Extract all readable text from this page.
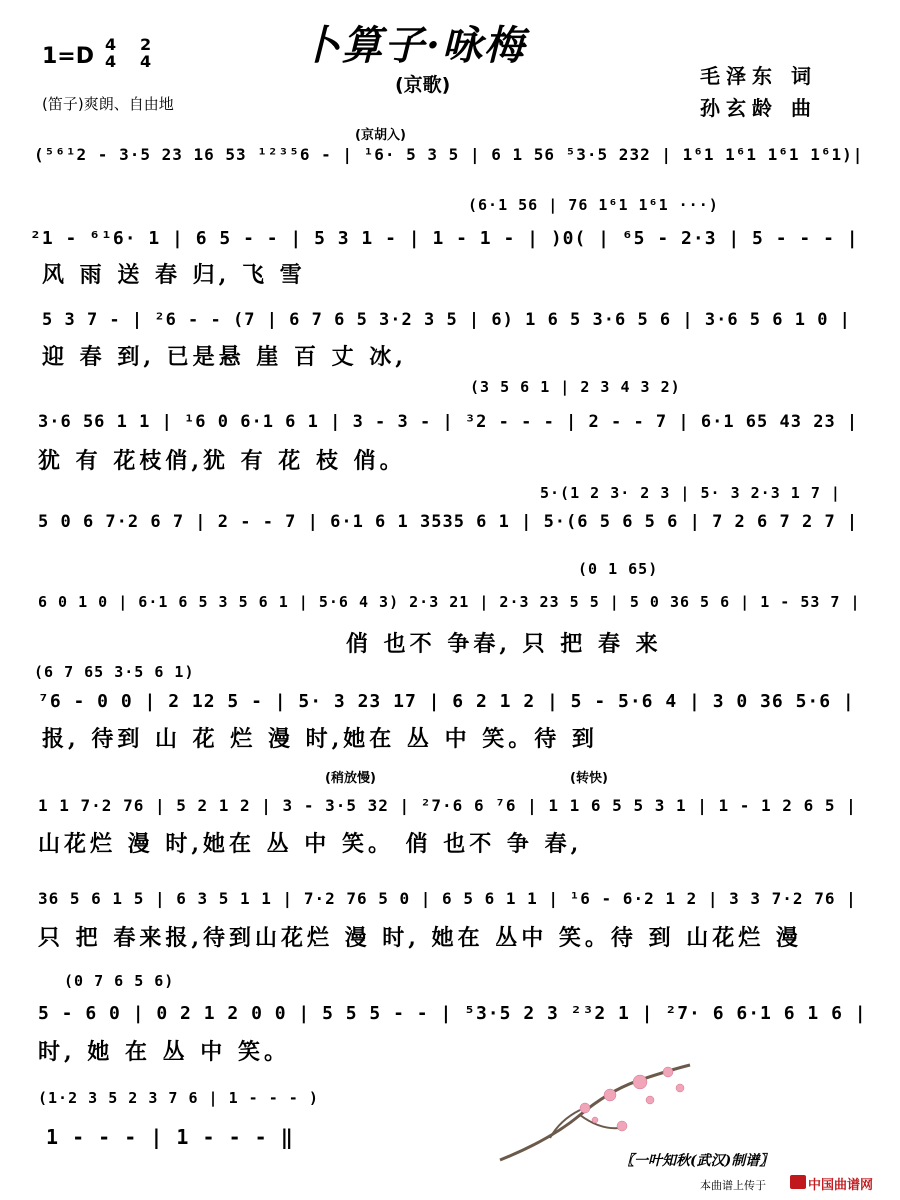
卜算子·咏梅
(京歌)
1=D 4
4
2
4
(笛子)爽朗、自由地
毛泽东 词
孙玄龄 曲
(京胡入)
(⁵⁶¹2 - 3·5 23 16 53 ¹²³⁵6 - | ¹6· 5 3 5 | 6 1 56 ⁵3·5 232 | 1⁶1 1⁶1 1⁶1 1⁶1)|
(6·1 56 | 76 1⁶1 1⁶1 ···)
²1 - ⁶¹6· 1 | 6 5 - - | 5 3 1 - | 1 - 1 - | )0( | ⁶5 - 2·3 | 5 - - - |
风 雨 送 春 归, 飞 雪
5 3 7 - | ²6 - - (7 | 6 7 6 5 3·2 3 5 | 6) 1 6 5 3·6 5 6 | 3·6 5 6 1 0 |
迎 春 到, 已是悬 崖 百 丈 冰,
(3 5 6 1 | 2 3 4 3 2)
3·6 56 1 1 | ¹6 0 6·1 6 1 | 3 - 3 - | ³2 - - - | 2 - - 7 | 6·1 65 43 23 |
犹 有 花枝俏,犹 有 花 枝 俏。
5·(1 2 3· 2 3 | 5· 3 2·3 1 7 |
5 0 6 7·2 6 7 | 2 - - 7 | 6·1 6 1 3535 6 1 | 5·(6 5 6 5 6 | 7 2 6 7 2 7 |
(0 1 65)
6 0 1 0 | 6·1 6 5 3 5 6 1 | 5·6 4 3) 2·3 21 | 2·3 23 5 5 | 5 0 36 5 6 | 1 - 53 7 |
俏 也不 争春, 只 把 春 来
(6 7 65 3·5 6 1)
⁷6 - 0 0 | 2 12 5 - | 5· 3 23 17 | 6 2 1 2 | 5 - 5·6 4 | 3 0 36 5·6 |
报, 待到 山 花 烂 漫 时,她在 丛 中 笑。待 到
(稍放慢)	(转快)
1 1 7·2 76 | 5 2 1 2 | 3 - 3·5 32 | ²7·6 6 ⁷6 | 1 1 6 5 5 3 1 | 1 - 1 2 6 5 |
山花烂 漫 时,她在 丛 中 笑。 俏 也不 争 春,
36 5 6 1 5 | 6 3 5 1 1 | 7·2 76 5 0 | 6 5 6 1 1 | ¹6 - 6·2 1 2 | 3 3 7·2 76 |
只 把 春来报,待到山花烂 漫 时, 她在 丛中 笑。待 到 山花烂 漫
(0 7 6 5 6)
5 - 6 0 | 0 2 1 2 0 0 | 5 5 5 - - | ⁵3·5 2 3 ²³2 1 | ²7· 6 6·1 6 1 6 |
时, 她 在 丛 中 笑。
(1·2 3 5 2 3 7 6 | 1 - - - )
1 - - - | 1 - - - ‖
〖一叶知秋(武汉)制谱〗
本曲谱上传于	中国曲谱网
